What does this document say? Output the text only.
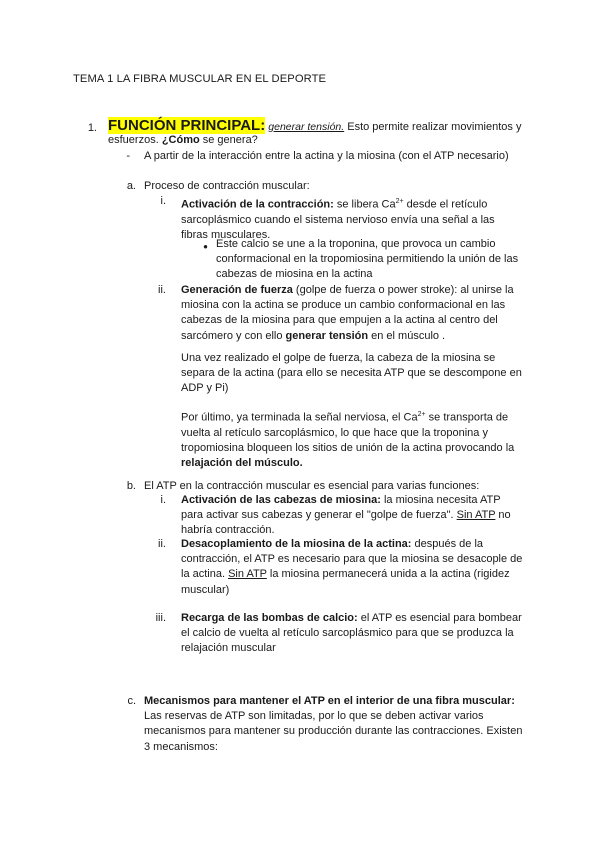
TEMA 1 LA FIBRA MUSCULAR EN EL DEPORTE
1. FUNCIÓN PRINCIPAL: generar tensión. Esto permite realizar movimientos y

esfuerzos. ¿Cómo se genera?

- A partir de la interacción entre la actina y la miosina (con el ATP necesario)
a. Proceso de contracción muscular:
i. Activación de la contracción: se libera $Ca^{2+}$ desde el retículo

sarcoplásmico cuando el sistema nervioso envía una señal a las

fibras musculares.

● Este calcio se une a la troponina, que provoca un cambio

conformacional en la tropomiosina permitiendo la unión de las

cabezas de miosina en la actina

ii. Generación de fuerza (golpe de fuerza o power stroke): al unirse la

miosina con la actina se produce un cambio conformacional en las

cabezas de la miosina para que empujen a la actina al centro del

sarcómero y con ello generar tensión en el músculo .

Una vez realizado el golpe de fuerza, la cabeza de la miosina se

separa de la actina (para ello se necesita ATP que se descompone en

ADP y Pi)

Por último, ya terminada la señal nerviosa, el $Ca^{2+}$ se transporta de

vuelta al retículo sarcoplásmico, lo que hace que la troponina y

tropomiosina bloqueen los sitios de unión de la actina provocando la

relajación del músculo.

b. El ATP en la contracción muscular es esencial para varias funciones:
i. Activación de las cabezas de miosina: la miosina necesita ATP

para activar sus cabezas y generar el "golpe de fuerza". Sin ATP no

habría contracción.

ii. Desacoplamiento de la miosina de la actina: después de la

contracción, el ATP es necesario para que la miosina se desacople de

la actina. Sin ATP la miosina permanecerá unida a la actina (rigidez

muscular)

iii. Recarga de las bombas de calcio: el ATP es esencial para bombear

el calcio de vuelta al retículo sarcoplásmico para que se produzca la

relajación muscular

c. Mecanismos para mantener el ATP en el interior de una fibra muscular:

Las reservas de ATP son limitadas, por lo que se deben activar varios

mecanismos para mantener su producción durante las contracciones. Existen

3 mecanismos:
